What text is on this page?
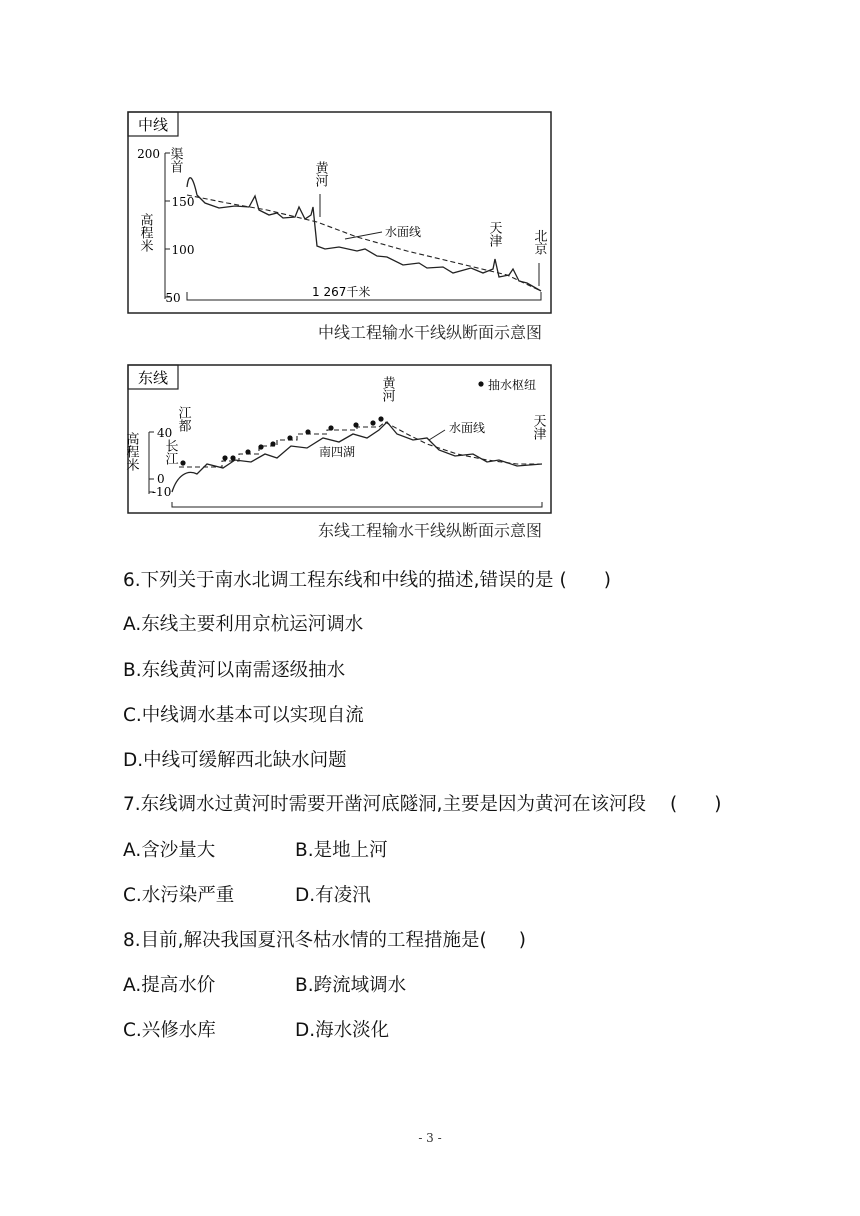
中线
200
150
100
50
高程米
1 267千米
渠首
黄河
水面线	天津 北京
中线工程输水干线纵断面示意图
东线
40
0
-10
高程米
江都
长江
黄河
南四湖
水面线	天津
抽水枢纽
东线工程输水干线纵断面示意图
6.下列关于南水北调工程东线和中线的描述,错误的是 (　　)
A.东线主要利用京杭运河调水
B.东线黄河以南需逐级抽水
C.中线调水基本可以实现自流
D.中线可缓解西北缺水问题
7.东线调水过黄河时需要开凿河底隧洞,主要是因为黄河在该河段 (　　)
A.含沙量大	B.是地上河
C.水污染严重	D.有凌汛
8.目前,解决我国夏汛冬枯水情的工程措施是( )
A.提高水价	B.跨流域调水
C.兴修水库	D.海水淡化
- 3 -
